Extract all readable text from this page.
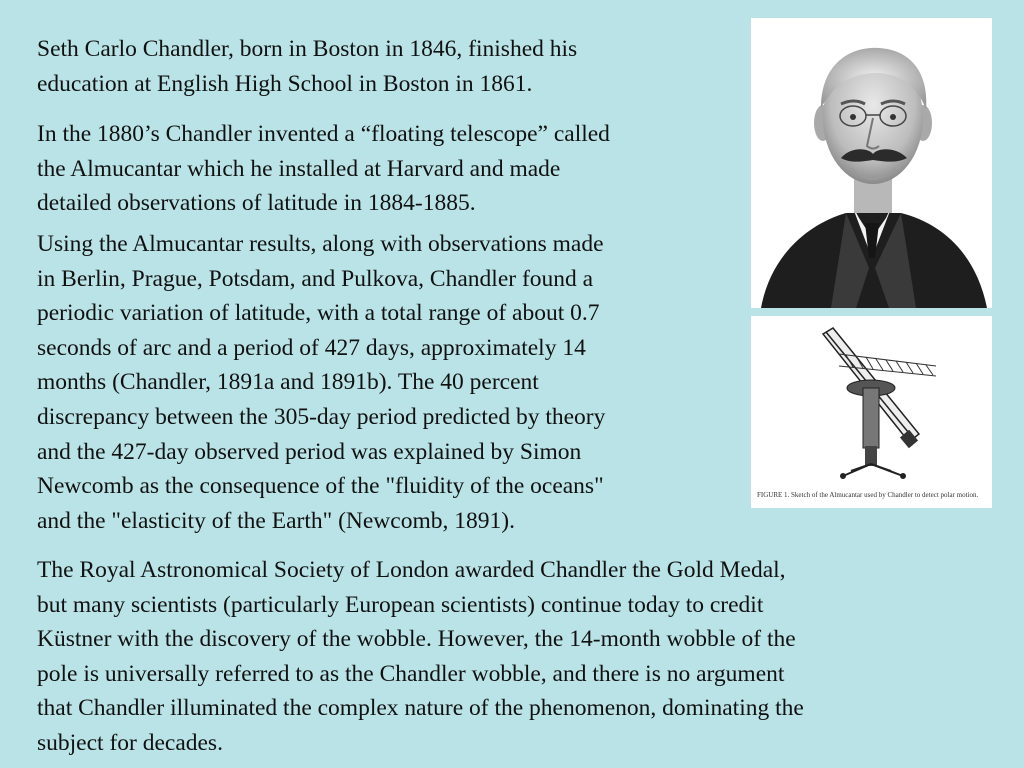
Seth Carlo Chandler, born in Boston in 1846, finished his
education at English High School in Boston in 1861.

In the 1880’s Chandler invented a “floating telescope” called
the Almucantar which he installed at Harvard and made
detailed observations of latitude in 1884-1885.

Using the Almucantar results, along with observations made
in Berlin, Prague, Potsdam, and Pulkova, Chandler found a
periodic variation of latitude, with a total range of about 0.7
seconds of arc and a period of 427 days, approximately 14
months (Chandler, 1891a and 1891b). The 40 percent
discrepancy between the 305-day period predicted by theory
and the 427-day observed period was explained by Simon
Newcomb as the consequence of the "fluidity of the oceans"
and the "elasticity of the Earth" (Newcomb, 1891).

The Royal Astronomical Society of London awarded Chandler the Gold Medal,
but many scientists (particularly European scientists) continue today to credit
Küstner with the discovery of the wobble. However, the 14-month wobble of the
pole is universally referred to as the Chandler wobble, and there is no argument
that Chandler illuminated the complex nature of the phenomenon, dominating the
subject for decades.

FIGURE 1. Sketch of the Almucantar used by Chandler to detect polar motion.
